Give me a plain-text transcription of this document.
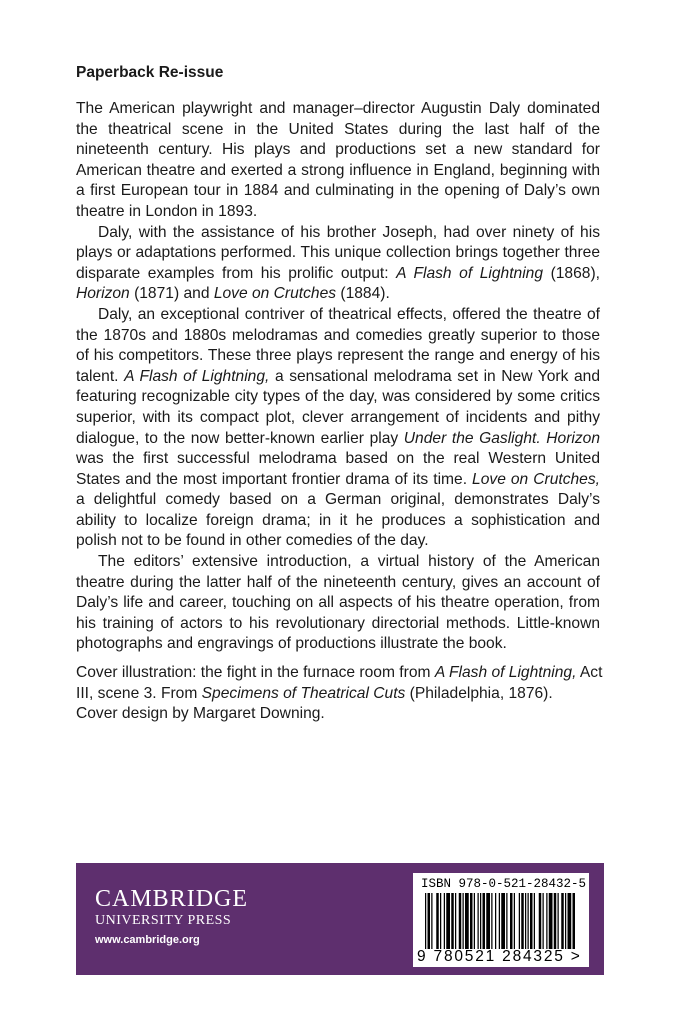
Paperback Re-issue

The American playwright and manager–director Augustin Daly dominated the theatrical scene in the United States during the last half of the nineteenth century. His plays and productions set a new standard for American theatre and exerted a strong influence in England, beginning with a first European tour in 1884 and culminating in the opening of Daly’s own theatre in London in 1893.

Daly, with the assistance of his brother Joseph, had over ninety of his plays or adaptations performed. This unique collection brings together three disparate examples from his prolific output: A Flash of Lightning (1868), Horizon (1871) and Love on Crutches (1884).

Daly, an exceptional contriver of theatrical effects, offered the theatre of the 1870s and 1880s melodramas and comedies greatly superior to those of his competitors. These three plays represent the range and energy of his talent. A Flash of Lightning, a sensational melodrama set in New York and featuring recognizable city types of the day, was considered by some critics superior, with its compact plot, clever arrangement of incidents and pithy dialogue, to the now better-known earlier play Under the Gaslight. Horizon was the first successful melodrama based on the real Western United States and the most important frontier drama of its time. Love on Crutches, a delightful comedy based on a German original, demonstrates Daly’s ability to localize foreign drama; in it he produces a sophistication and polish not to be found in other comedies of the day.

The editors’ extensive introduction, a virtual history of the American theatre during the latter half of the nineteenth century, gives an account of Daly’s life and career, touching on all aspects of his theatre operation, from his training of actors to his revolutionary directorial methods. Little-known photographs and engravings of productions illustrate the book.

Cover illustration: the fight in the furnace room from A Flash of Lightning, Act III, scene 3. From Specimens of Theatrical Cuts (Philadelphia, 1876).

Cover design by Margaret Downing.

CAMBRIDGE
UNIVERSITY PRESS
www.cambridge.org
ISBN 978-0-521-28432-5
9 780521 284325 >
